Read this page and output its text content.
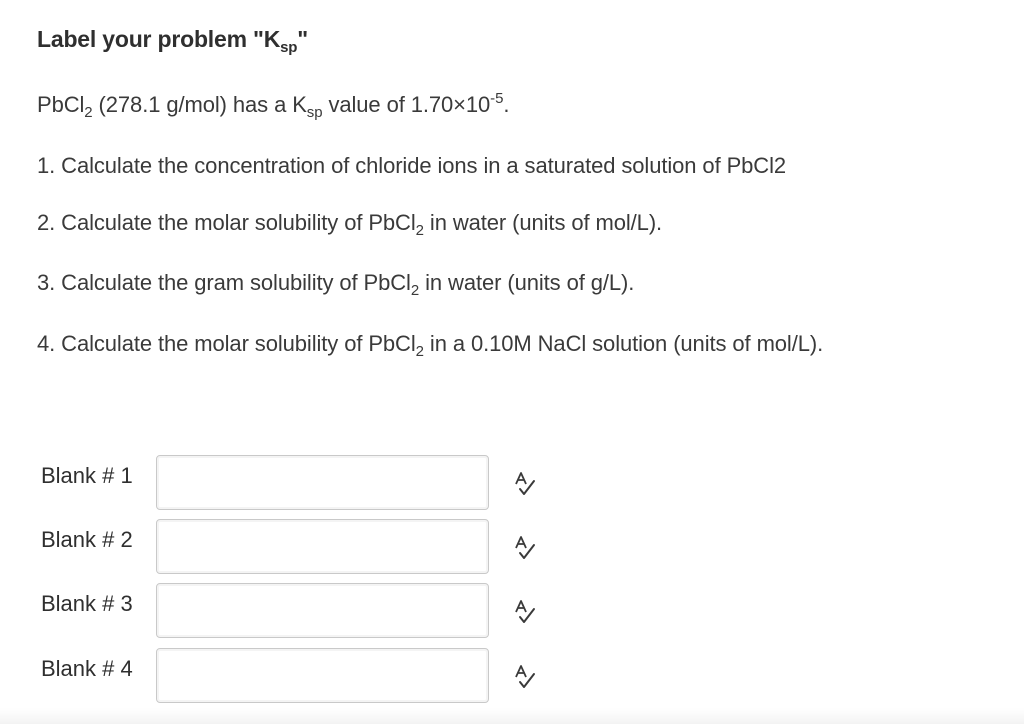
Label your problem "$K_{sp}$"
PbCl$_2$ (278.1 g/mol) has a $K_{sp}$ value of $1.70\times 10^{-5}$.
1. Calculate the concentration of chloride ions in a saturated solution of PbCl2
2. Calculate the molar solubility of PbCl$_2$ in water (units of mol/L).
3. Calculate the gram solubility of PbCl$_2$ in water (units of g/L).
4. Calculate the molar solubility of PbCl$_2$ in a 0.10M NaCl solution (units of mol/L).
Blank # 1
Blank # 2
Blank # 3
Blank # 4
